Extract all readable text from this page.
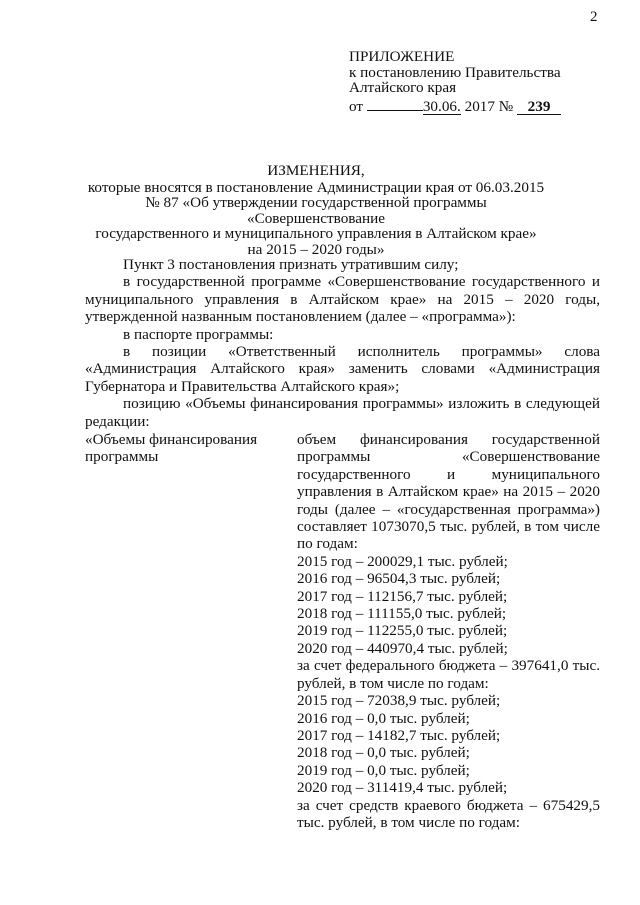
2
ПРИЛОЖЕНИЕ
к постановлению Правительства
Алтайского края
от	30.06. 2017 № 239
ИЗМЕНЕНИЯ,
которые вносятся в постановление Администрации края от 06.03.2015
№ 87 «Об утверждении государственной программы «Совершенствование
государственного и муниципального управления в Алтайском крае»
на 2015 – 2020 годы»

Пункт 3 постановления признать утратившим силу;

в государственной программе «Совершенствование государственного и муниципального управления в Алтайском крае» на 2015 – 2020 годы, утвержденной названным постановлением (далее – «программа»):

в паспорте программы:

в позиции «Ответственный исполнитель программы» слова «Администрация Алтайского края» заменить словами «Администрация Губернатора и Правительства Алтайского края»;

позицию «Объемы финансирования программы» изложить в следующей редакции:

«Объемы финансирования программы

объем финансирования государственной программы «Совершенствование государственного и муниципального управления в Алтайском крае» на 2015 – 2020 годы (далее – «государственная программа») составляет 1073070,5 тыс. рублей, в том числе по годам:

2015 год – 200029,1 тыс. рублей;
2016 год – 96504,3 тыс. рублей;
2017 год – 112156,7 тыс. рублей;
2018 год – 111155,0 тыс. рублей;
2019 год – 112255,0 тыс. рублей;
2020 год – 440970,4 тыс. рублей;

за счет федерального бюджета – 397641,0 тыс. рублей, в том числе по годам:

2015 год – 72038,9 тыс. рублей;
2016 год – 0,0 тыс. рублей;
2017 год – 14182,7 тыс. рублей;
2018 год – 0,0 тыс. рублей;
2019 год – 0,0 тыс. рублей;
2020 год – 311419,4 тыс. рублей;

за счет средств краевого бюджета – 675429,5 тыс. рублей, в том числе по годам:
